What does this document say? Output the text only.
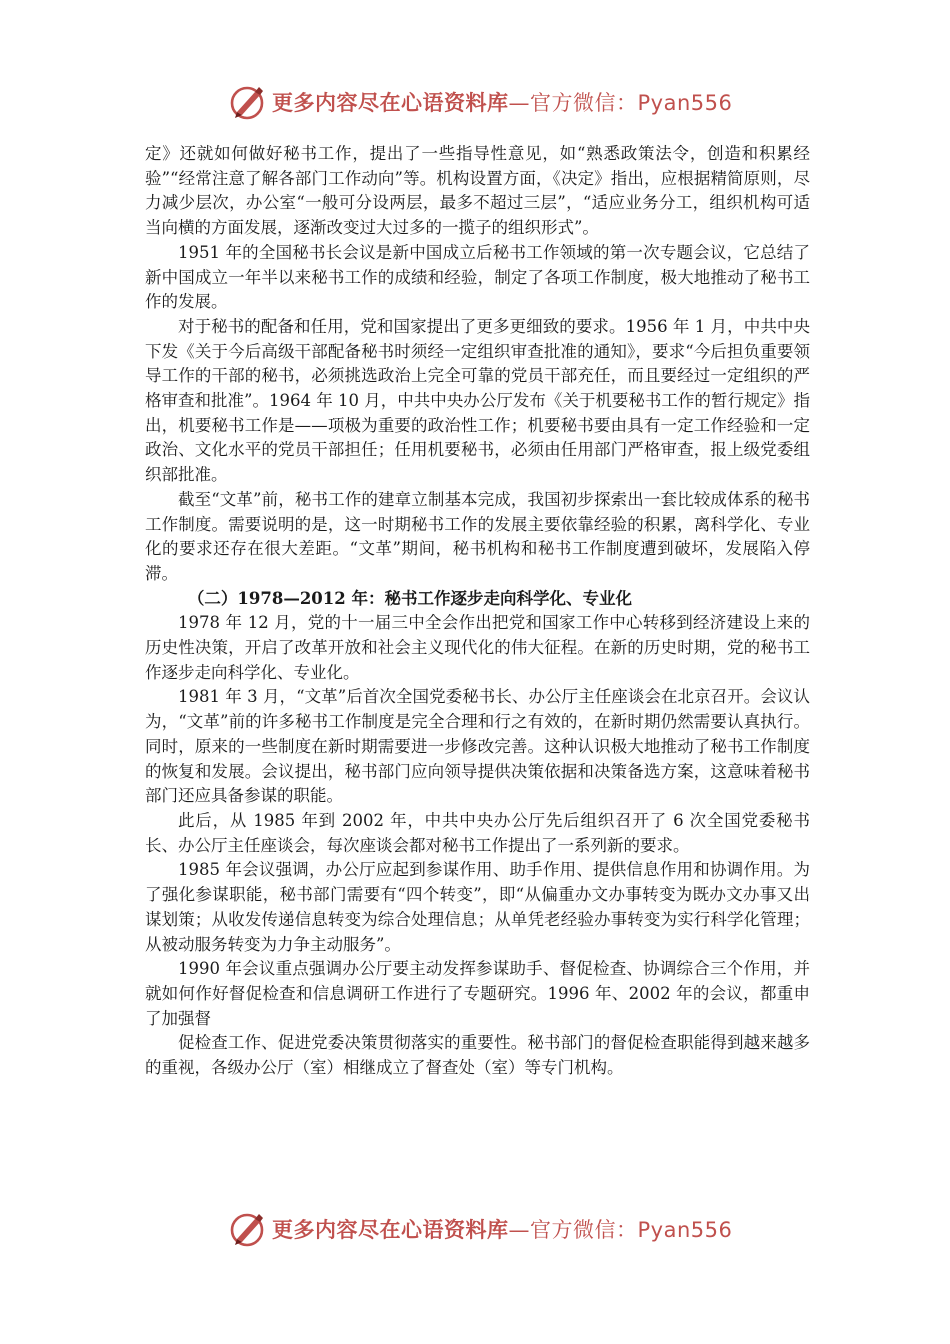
更多内容尽在心语资料库—官方微信：Pyan556

定》还就如何做好秘书工作，提出了一些指导性意见，如“熟悉政策法令，创造和积累经验”“经常注意了解各部门工作动向”等。机构设置方面，《决定》指出，应根据精简原则，尽力减少层次，办公室“一般可分设两层，最多不超过三层”，“适应业务分工，组织机构可适当向横的方面发展，逐渐改变过大过多的一揽子的组织形式”。

1951 年的全国秘书长会议是新中国成立后秘书工作领域的第一次专题会议，它总结了新中国成立一年半以来秘书工作的成绩和经验，制定了各项工作制度，极大地推动了秘书工作的发展。

对于秘书的配备和任用，党和国家提出了更多更细致的要求。1956 年 1 月，中共中央下发《关于今后高级干部配备秘书时须经一定组织审查批准的通知》，要求“今后担负重要领导工作的干部的秘书，必须挑选政治上完全可靠的党员干部充任，而且要经过一定组织的严格审查和批准”。1964 年 10 月，中共中央办公厅发布《关于机要秘书工作的暂行规定》指出，机要秘书工作是——项极为重要的政治性工作；机要秘书要由具有一定工作经验和一定政治、文化水平的党员干部担任；任用机要秘书，必须由任用部门严格审查，报上级党委组织部批准。

截至“文革”前，秘书工作的建章立制基本完成，我国初步探索出一套比较成体系的秘书工作制度。需要说明的是，这一时期秘书工作的发展主要依靠经验的积累，离科学化、专业化的要求还存在很大差距。“文革”期间，秘书机构和秘书工作制度遭到破坏，发展陷入停滞。

（二）1978—2012 年：秘书工作逐步走向科学化、专业化

1978 年 12 月，党的十一届三中全会作出把党和国家工作中心转移到经济建设上来的历史性决策，开启了改革开放和社会主义现代化的伟大征程。在新的历史时期，党的秘书工作逐步走向科学化、专业化。

1981 年 3 月，“文革”后首次全国党委秘书长、办公厅主任座谈会在北京召开。会议认为，“文革”前的许多秘书工作制度是完全合理和行之有效的，在新时期仍然需要认真执行。同时，原来的一些制度在新时期需要进一步修改完善。这种认识极大地推动了秘书工作制度的恢复和发展。会议提出，秘书部门应向领导提供决策依据和决策备选方案，这意味着秘书部门还应具备参谋的职能。

此后，从 1985 年到 2002 年，中共中央办公厅先后组织召开了 6 次全国党委秘书长、办公厅主任座谈会，每次座谈会都对秘书工作提出了一系列新的要求。

1985 年会议强调，办公厅应起到参谋作用、助手作用、提供信息作用和协调作用。为了强化参谋职能，秘书部门需要有“四个转变”，即“从偏重办文办事转变为既办文办事又出谋划策；从收发传递信息转变为综合处理信息；从单凭老经验办事转变为实行科学化管理；从被动服务转变为力争主动服务”。

1990 年会议重点强调办公厅要主动发挥参谋助手、督促检查、协调综合三个作用，并就如何作好督促检查和信息调研工作进行了专题研究。1996 年、2002 年的会议，都重申了加强督

促检查工作、促进党委决策贯彻落实的重要性。秘书部门的督促检查职能得到越来越多的重视，各级办公厅（室）相继成立了督查处（室）等专门机构。

更多内容尽在心语资料库—官方微信：Pyan556
